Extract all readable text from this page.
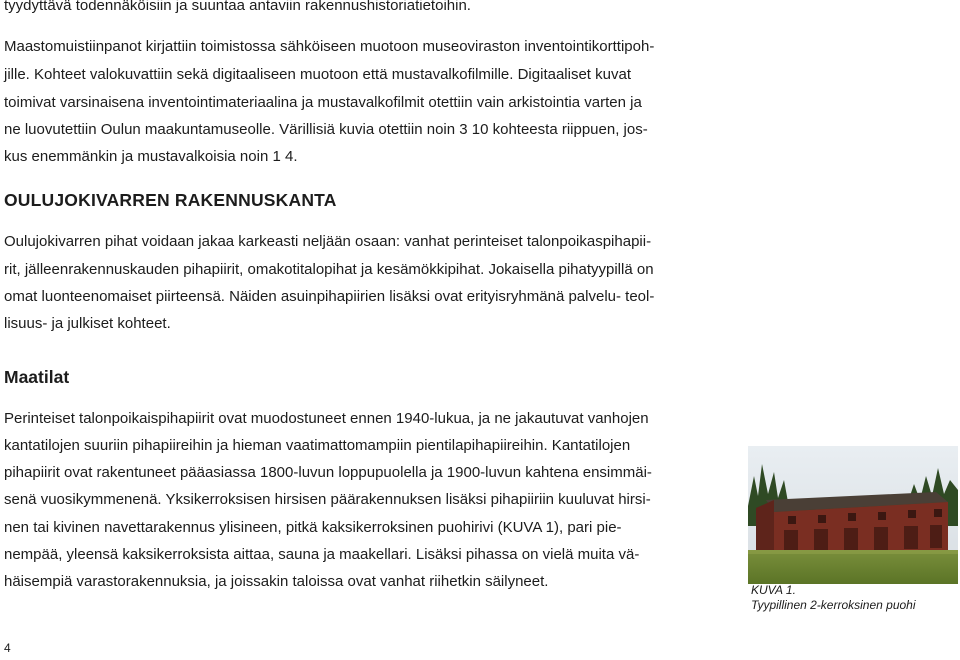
tyydyttävä todennäköisiin ja suuntaa antaviin rakennushistoriatietoihin.
Maastomuistiinpanot kirjattiin toimistossa sähköiseen muotoon museoviraston inventointikorttipoh-
jille. Kohteet valokuvattiin sekä digitaaliseen muotoon että mustavalkofilmille. Digitaaliset kuvat
toimivat varsinaisena inventointimateriaalina ja mustavalkofilmit otettiin vain arkistointia varten ja
ne luovutettiin Oulun maakuntamuseolle. Värillisiä kuvia otettiin noin 3 10 kohteesta riippuen, jos-
kus enemmänkin ja mustavalkoisia noin 1 4.
OULUJOKIVARREN RAKENNUSKANTA
Oulujokivarren pihat voidaan jakaa karkeasti neljään osaan: vanhat perinteiset talonpoikaspihapii-
rit, jälleenrakennuskauden pihapiirit, omakotitalopihat ja kesämökkipihat. Jokaisella pihatyypillä on
omat luonteenomaiset piirteensä. Näiden asuinpihapiirien lisäksi ovat erityisryhmänä palvelu- teol-
lisuus- ja julkiset kohteet.
Maatilat
Perinteiset talonpoikaispihapiirit ovat muodostuneet ennen 1940-lukua, ja ne jakautuvat vanhojen
kantatilojen suuriin pihapiireihin ja hieman vaatimattomampiin pientilapihapiireihin. Kantatilojen
pihapiirit ovat rakentuneet pääasiassa 1800-luvun loppupuolella ja 1900-luvun kahtena ensimmäi-
senä vuosikymmenenä. Yksikerroksisen hirsisen päärakennuksen lisäksi pihapiiriin kuuluvat hirsi-
nen tai kivinen navettarakennus ylisineen, pitkä kaksikerroksinen puohirivi (KUVA 1), pari pie-
nempää, yleensä kaksikerroksista aittaa, sauna ja maakellari. Lisäksi pihassa on vielä muita vä-
häisempiä varastorakennuksia, ja joissakin taloissa ovat vanhat riihetkin säilyneet.	KUVA 1.
Tyypillinen 2-kerroksinen puohi
4
